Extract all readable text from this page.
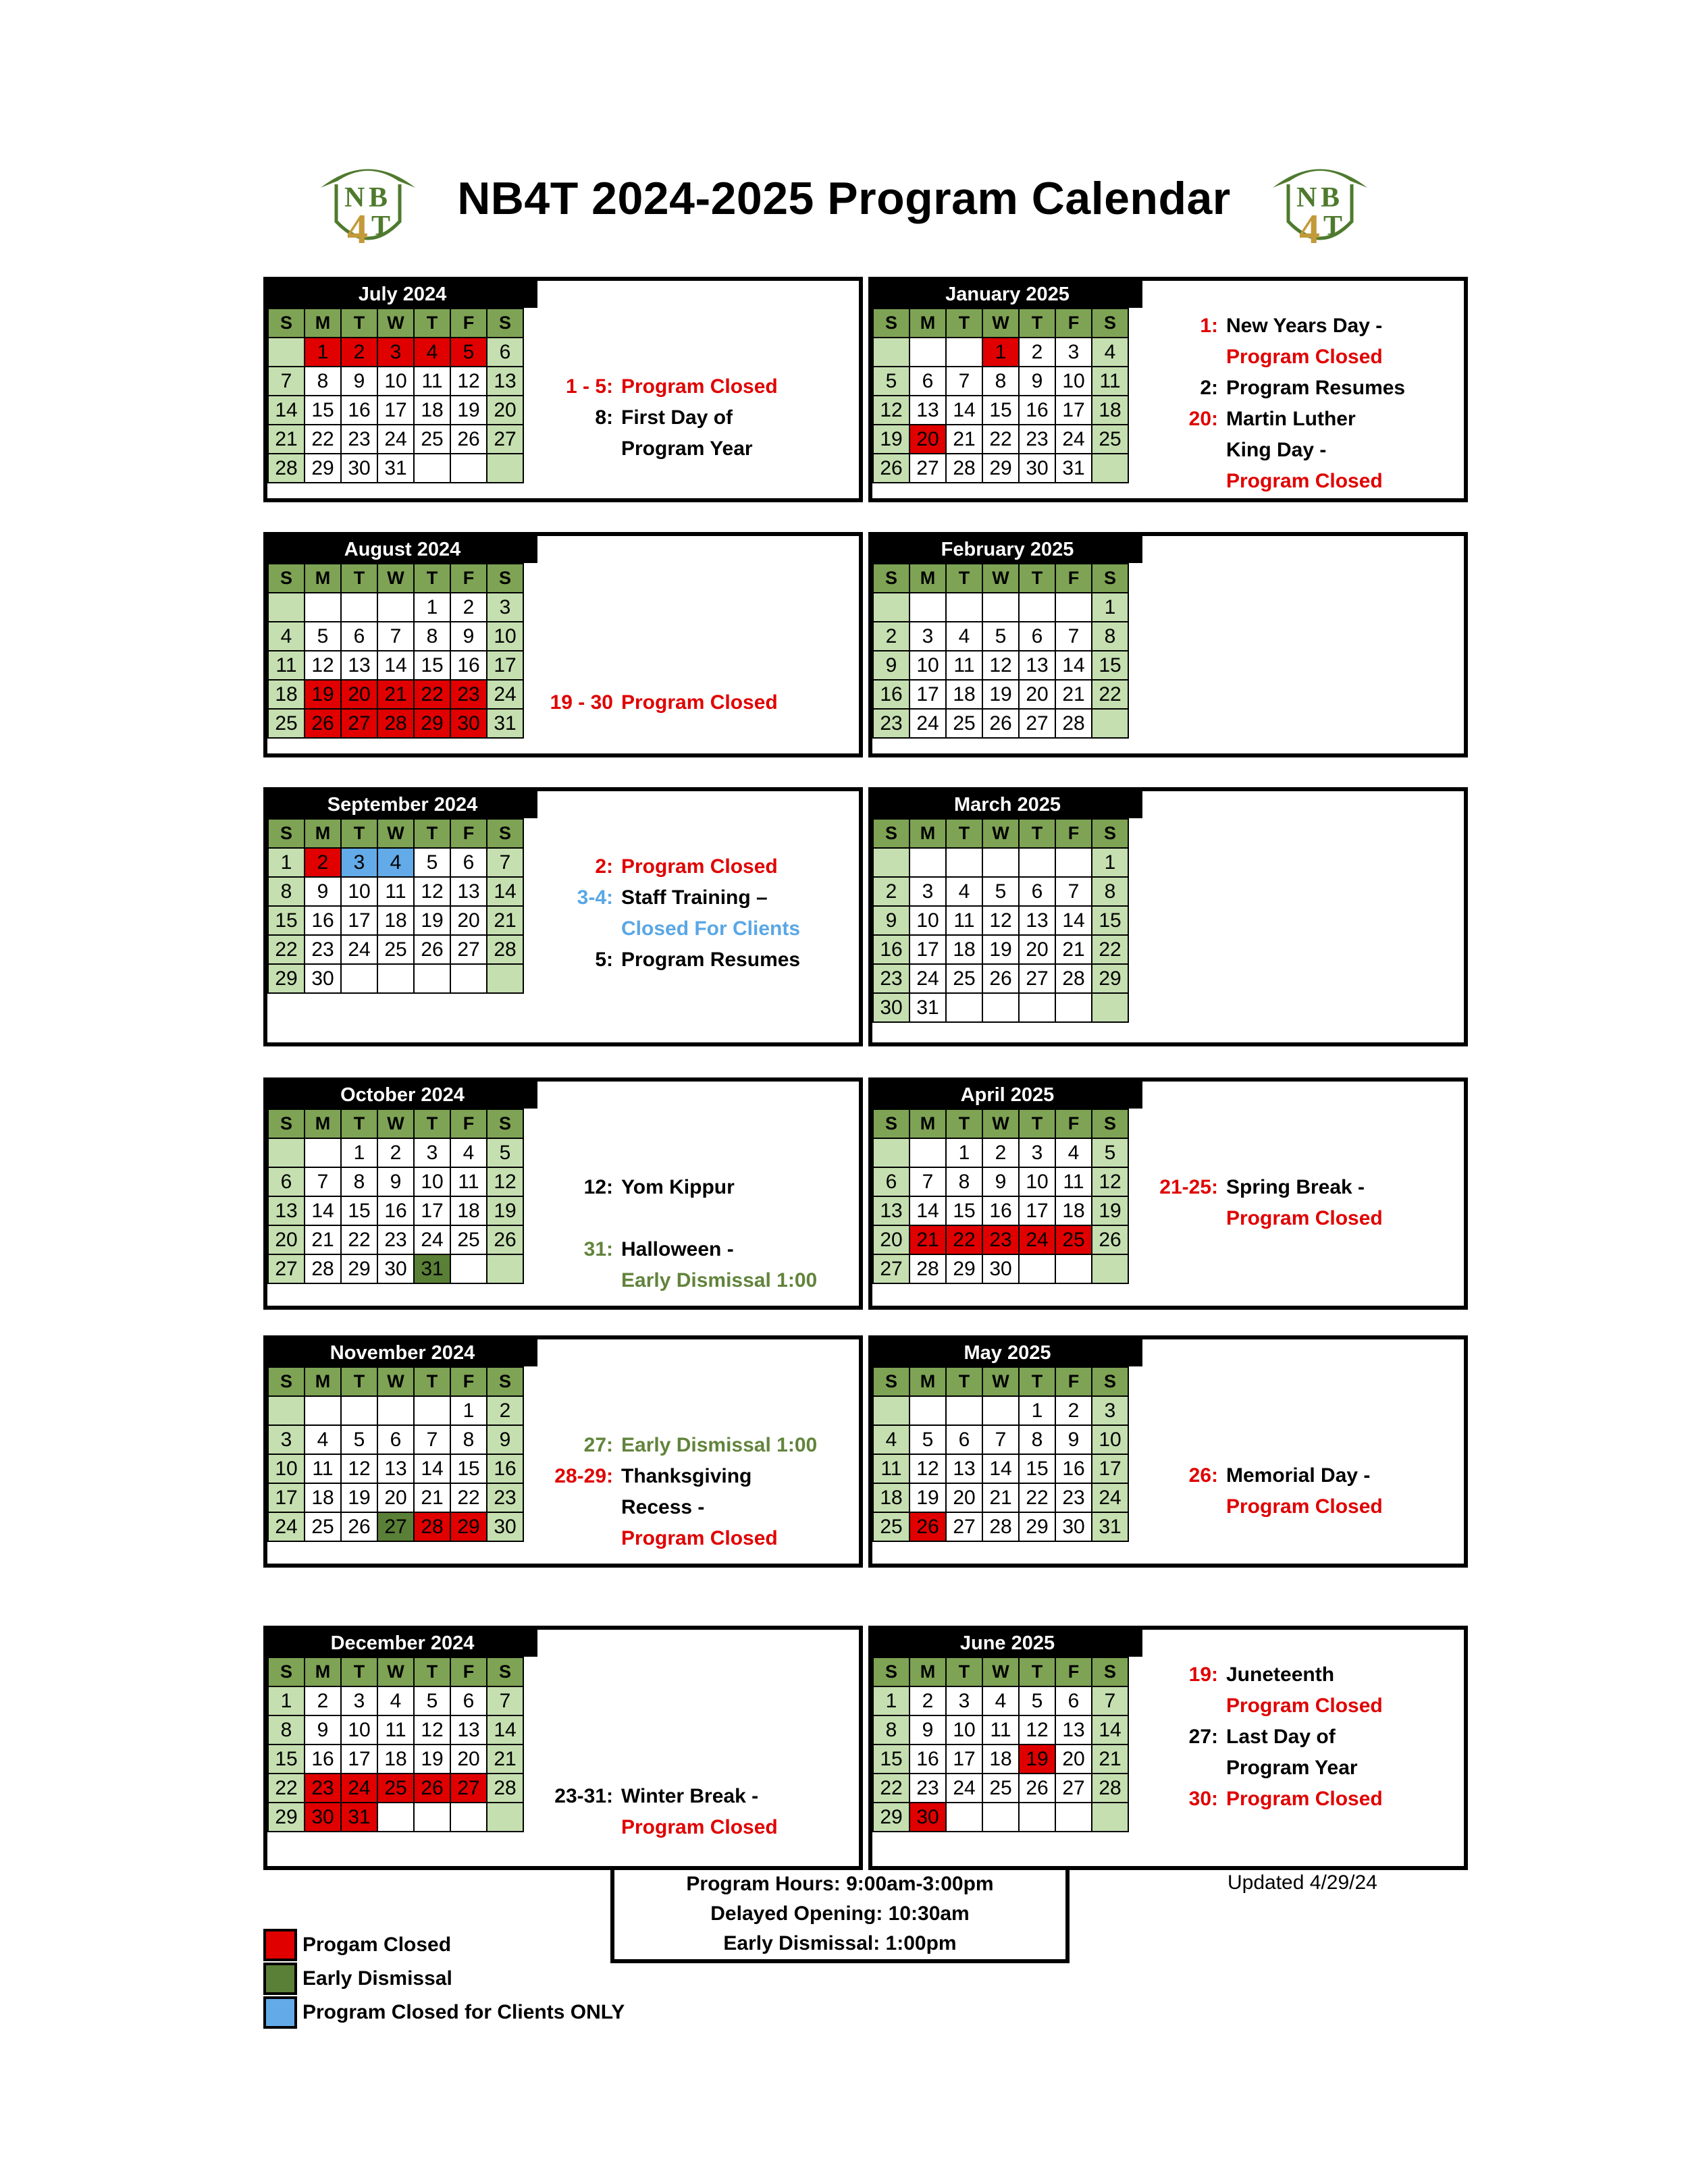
N B
4 T
N B
4 T
NB4T 2024-2025 Program Calendar
July 2024
S	M	T	W	T	F	S
	1	2	3	4	5	6
7	8	9	10	11	12	13
14	15	16	17	18	19	20
21	22	23	24	25	26	27
28	29	30	31			
1 - 5: Program Closed
8: First Day of
Program Year
August 2024
S	M	T	W	T	F	S
				1	2	3
4	5	6	7	8	9	10
11	12	13	14	15	16	17
18	19	20	21	22	23	24
25	26	27	28	29	30	31
19 - 30 Program Closed
September 2024
S	M	T	W	T	F	S
1	2	3	4	5	6	7
8	9	10	11	12	13	14
15	16	17	18	19	20	21
22	23	24	25	26	27	28
29	30					
2: Program Closed
3-4: Staff Training –
Closed For Clients
5: Program Resumes
October 2024
S	M	T	W	T	F	S
		1	2	3	4	5
6	7	8	9	10	11	12
13	14	15	16	17	18	19
20	21	22	23	24	25	26
27	28	29	30	31		
12: Yom Kippur
31: Halloween -
Early Dismissal 1:00
November 2024
S	M	T	W	T	F	S
					1	2
3	4	5	6	7	8	9
10	11	12	13	14	15	16
17	18	19	20	21	22	23
24	25	26	27	28	29	30
27: Early Dismissal 1:00
28-29: Thanksgiving
Recess -
Program Closed
December 2024
S	M	T	W	T	F	S
1	2	3	4	5	6	7
8	9	10	11	12	13	14
15	16	17	18	19	20	21
22	23	24	25	26	27	28
29	30	31				
23-31: Winter Break -
Program Closed
January 2025
S	M	T	W	T	F	S
			1	2	3	4
5	6	7	8	9	10	11
12	13	14	15	16	17	18
19	20	21	22	23	24	25
26	27	28	29	30	31	
1: New Years Day -
Program Closed
2: Program Resumes
20: Martin Luther
King Day -
Program Closed
February 2025
S	M	T	W	T	F	S
						1
2	3	4	5	6	7	8
9	10	11	12	13	14	15
16	17	18	19	20	21	22
23	24	25	26	27	28	
March 2025
S	M	T	W	T	F	S
						1
2	3	4	5	6	7	8
9	10	11	12	13	14	15
16	17	18	19	20	21	22
23	24	25	26	27	28	29
30	31					
April 2025
S	M	T	W	T	F	S
		1	2	3	4	5
6	7	8	9	10	11	12
13	14	15	16	17	18	19
20	21	22	23	24	25	26
27	28	29	30			
21-25: Spring Break -
Program Closed
May 2025
S	M	T	W	T	F	S
				1	2	3
4	5	6	7	8	9	10
11	12	13	14	15	16	17
18	19	20	21	22	23	24
25	26	27	28	29	30	31
26: Memorial Day -
Program Closed
June 2025
S	M	T	W	T	F	S
1	2	3	4	5	6	7
8	9	10	11	12	13	14
15	16	17	18	19	20	21
22	23	24	25	26	27	28
29	30					
19: Juneteenth
Program Closed
27: Last Day of
Program Year
30: Program Closed
Program Hours: 9:00am-3:00pm
Delayed Opening: 10:30am
Early Dismissal: 1:00pm
Updated 4/29/24
Progam Closed
Early Dismissal
Program Closed for Clients ONLY
